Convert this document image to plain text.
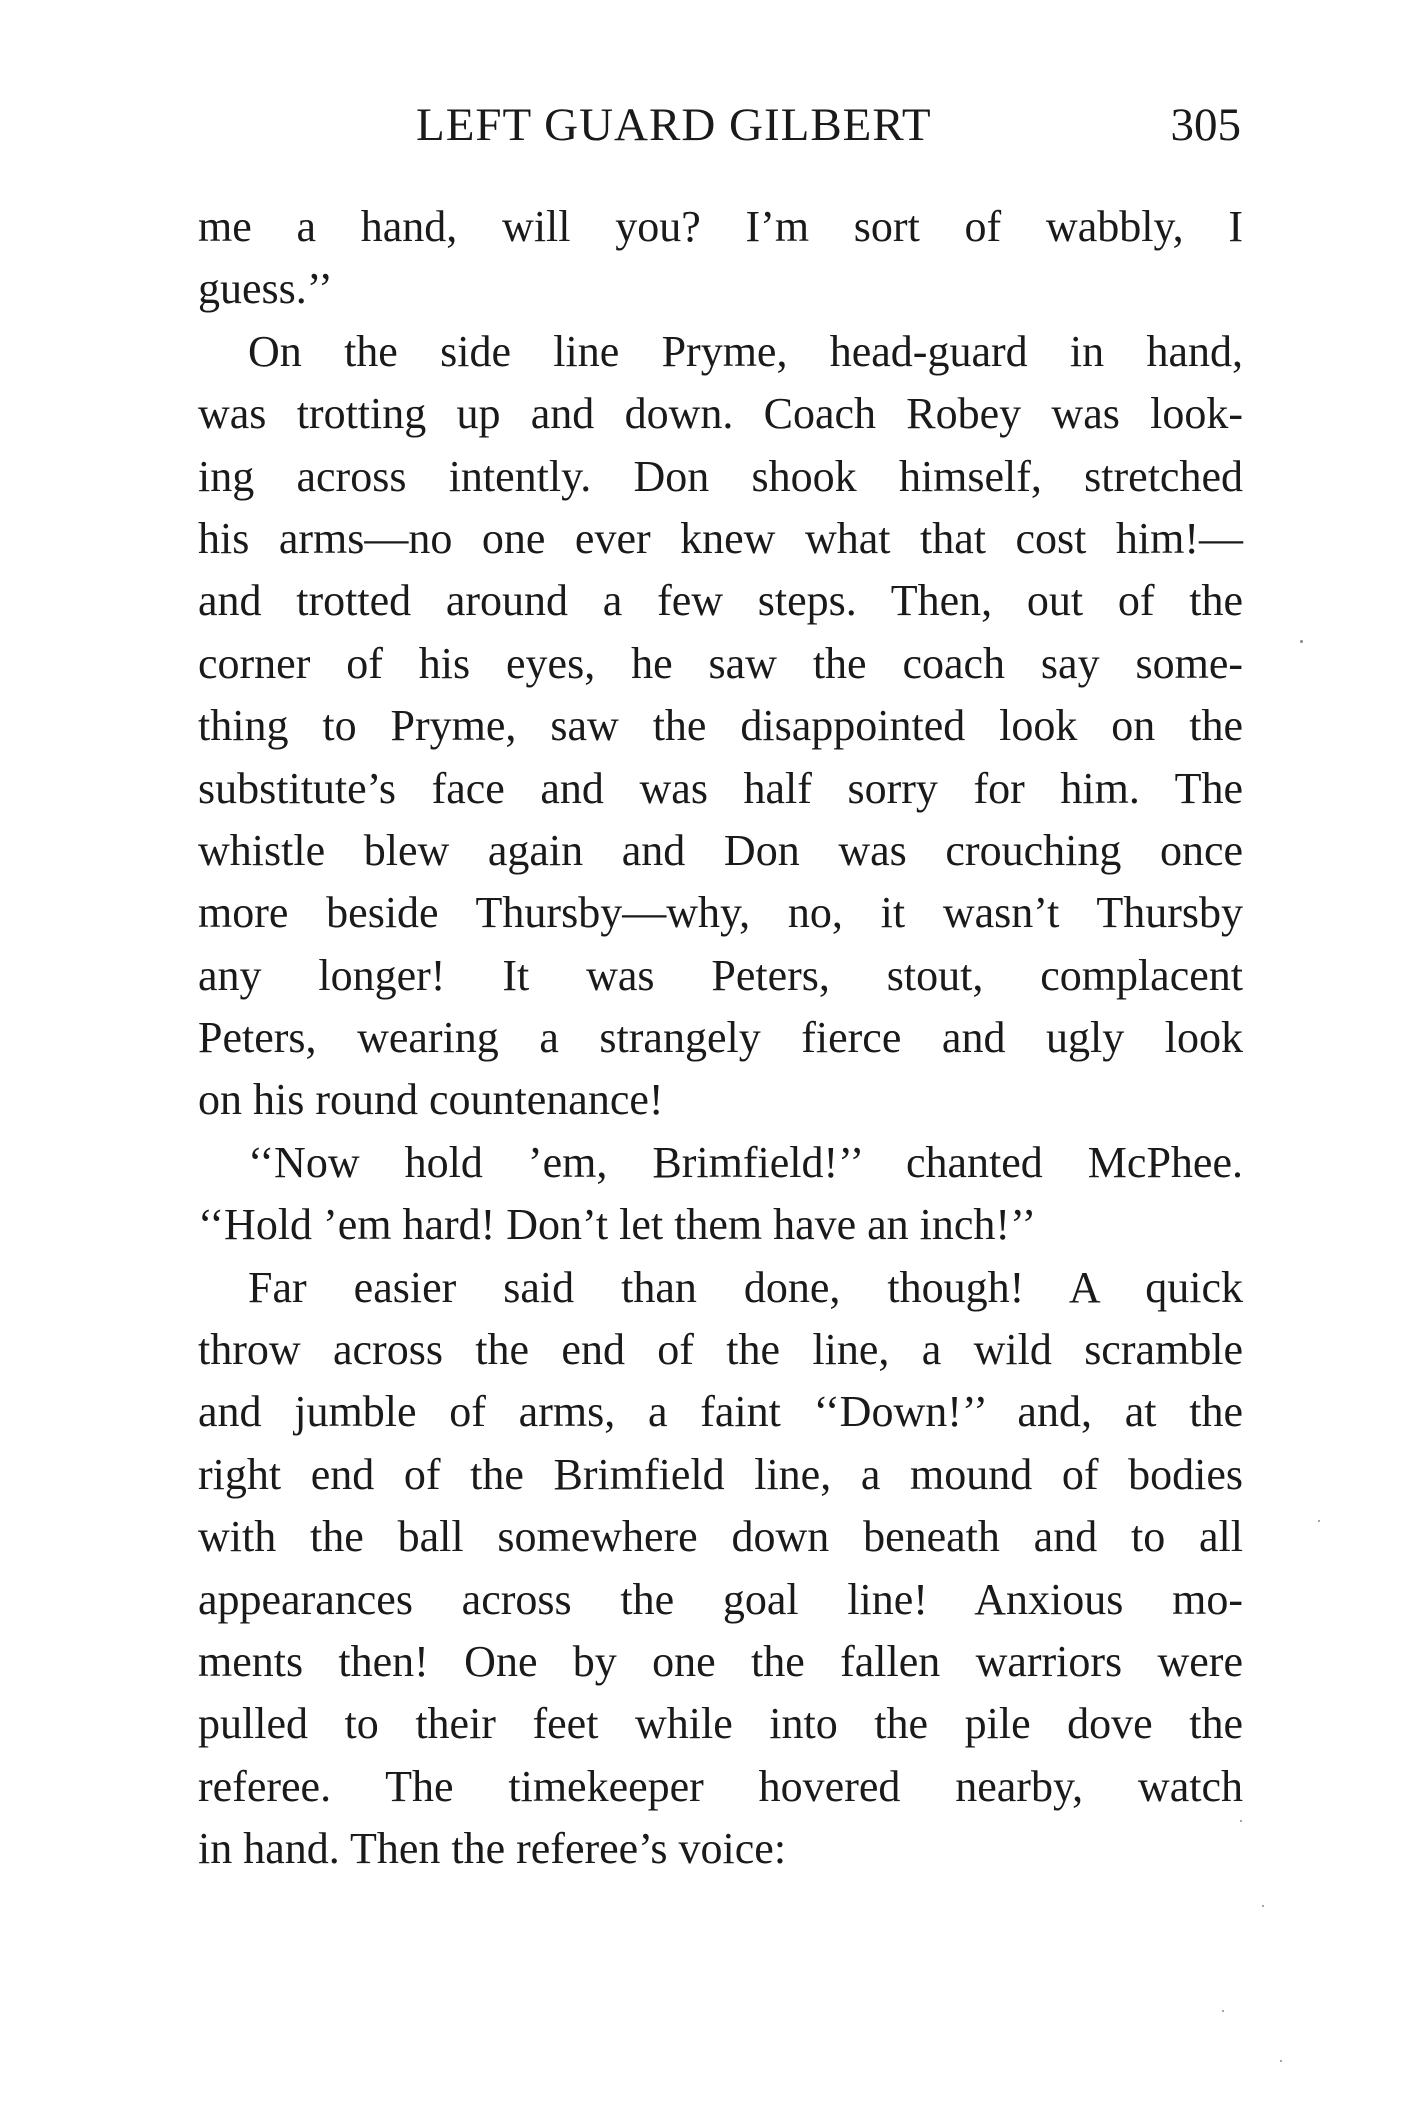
LEFT GUARD GILBERT	305
me a hand, will you? I’m sort of wabbly, I
guess.’’
On the side line Pryme, head-guard in hand,
was trotting up and down. Coach Robey was look-
ing across intently. Don shook himself, stretched
his arms—no one ever knew what that cost him!—
and trotted around a few steps. Then, out of the
corner of his eyes, he saw the coach say some-
thing to Pryme, saw the disappointed look on the
substitute’s face and was half sorry for him. The
whistle blew again and Don was crouching once
more beside Thursby—why, no, it wasn’t Thursby
any longer! It was Peters, stout, complacent
Peters, wearing a strangely fierce and ugly look
on his round countenance!
‘‘Now hold ’em, Brimfield!’’ chanted McPhee.
‘‘Hold ’em hard! Don’t let them have an inch!’’
Far easier said than done, though! A quick
throw across the end of the line, a wild scramble
and jumble of arms, a faint ‘‘Down!’’ and, at the
right end of the Brimfield line, a mound of bodies
with the ball somewhere down beneath and to all
appearances across the goal line! Anxious mo-
ments then! One by one the fallen warriors were
pulled to their feet while into the pile dove the
referee. The timekeeper hovered nearby, watch
in hand. Then the referee’s voice:
